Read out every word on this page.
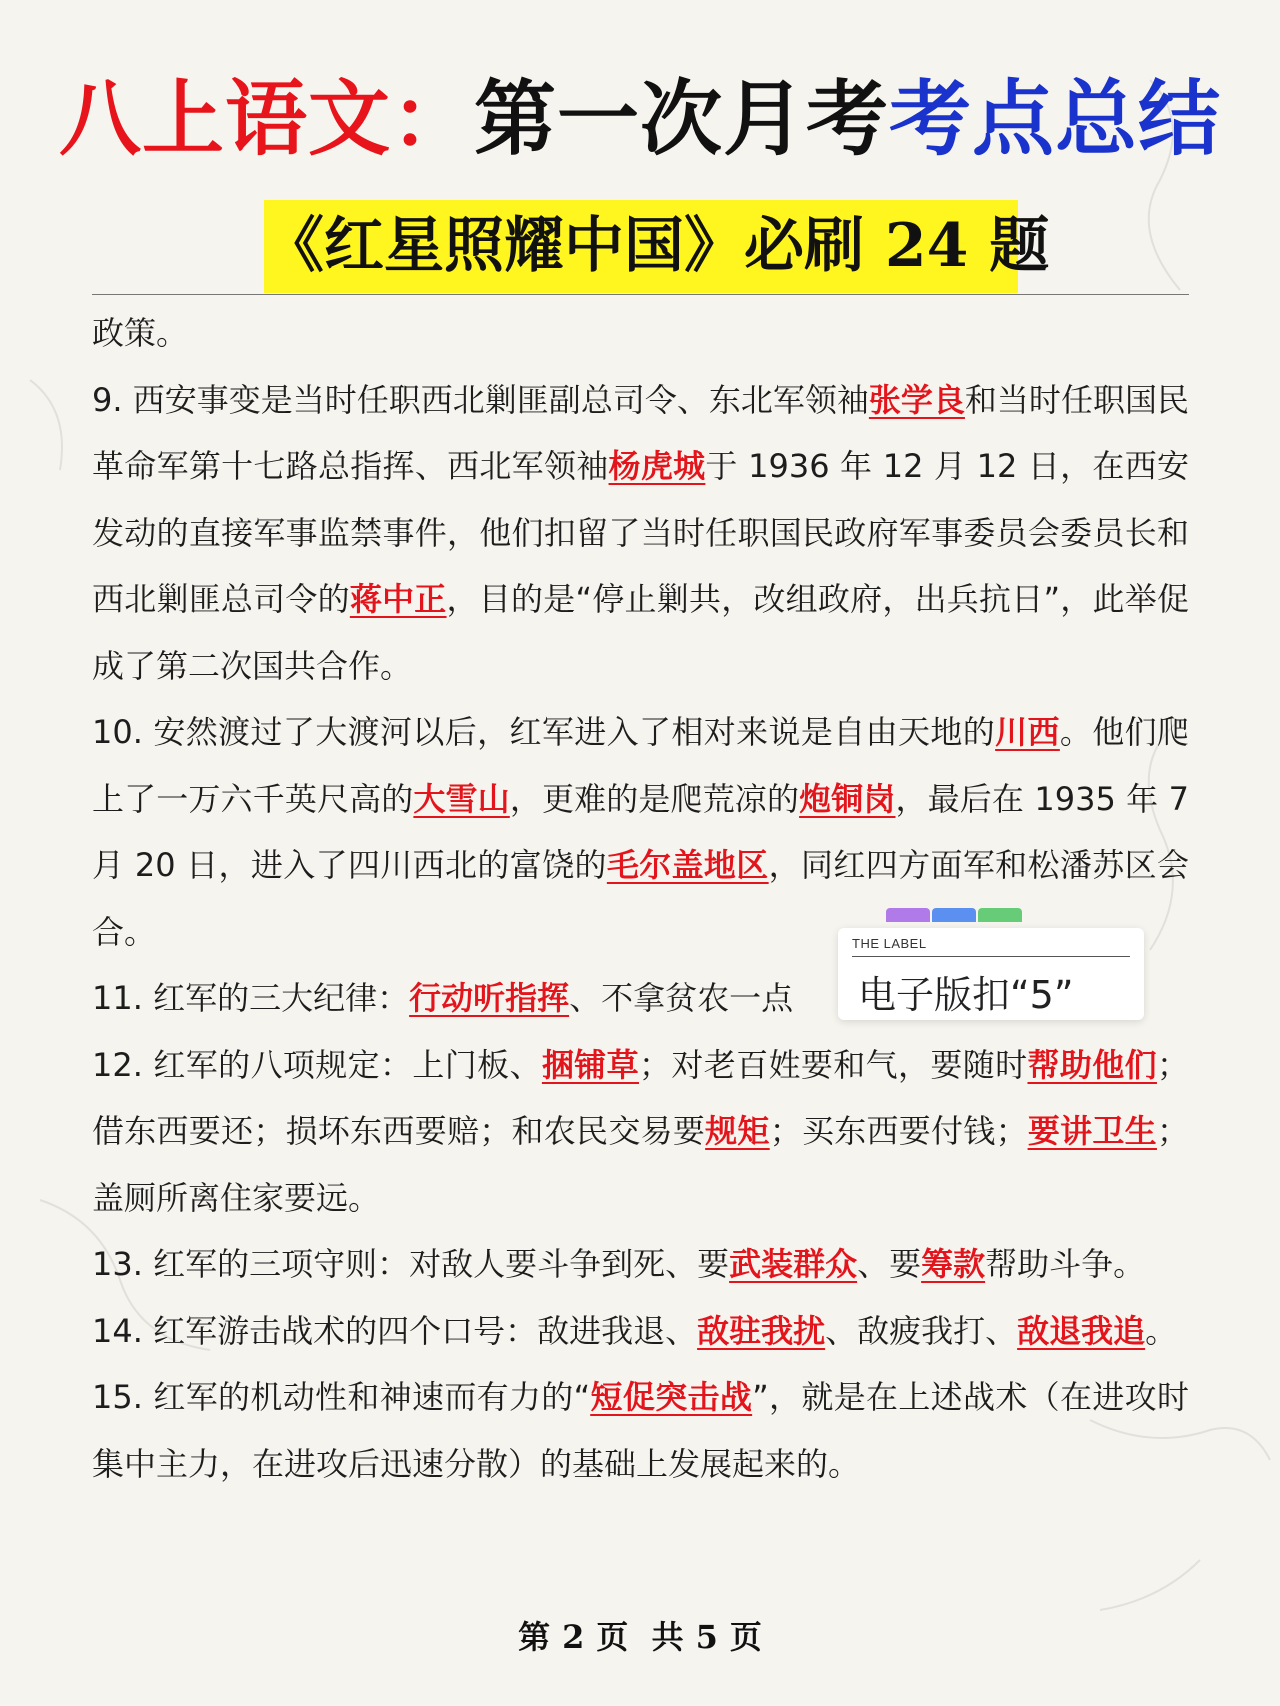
八上语文：第一次月考考点总结
《红星照耀中国》必刷 24 题

政策。

9. 西安事变是当时任职西北剿匪副总司令、东北军领袖张学良和当时任职国民革命军第十七路总指挥、西北军领袖杨虎城于 1936 年 12 月 12 日，在西安发动的直接军事监禁事件，他们扣留了当时任职国民政府军事委员会委员长和西北剿匪总司令的蒋中正，目的是“停止剿共，改组政府，出兵抗日”，此举促成了第二次国共合作。

10. 安然渡过了大渡河以后，红军进入了相对来说是自由天地的川西。他们爬上了一万六千英尺高的大雪山，更难的是爬荒凉的炮铜岗，最后在 1935 年 7 月 20 日，进入了四川西北的富饶的毛尔盖地区，同红四方面军和松潘苏区会合。

11. 红军的三大纪律：行动听指挥、不拿贫农一点

12. 红军的八项规定：上门板、捆铺草；对老百姓要和气，要随时帮助他们；借东西要还；损坏东西要赔；和农民交易要规矩；买东西要付钱；要讲卫生；盖厕所离住家要远。

13. 红军的三项守则：对敌人要斗争到死、要武装群众、要筹款帮助斗争。

14. 红军游击战术的四个口号：敌进我退、敌驻我扰、敌疲我打、敌退我追。

15. 红军的机动性和神速而有力的“短促突击战”，就是在上述战术（在进攻时集中主力，在进攻后迅速分散）的基础上发展起来的。

THE LABEL
电子版扣“5”
第 2 页 共 5 页
